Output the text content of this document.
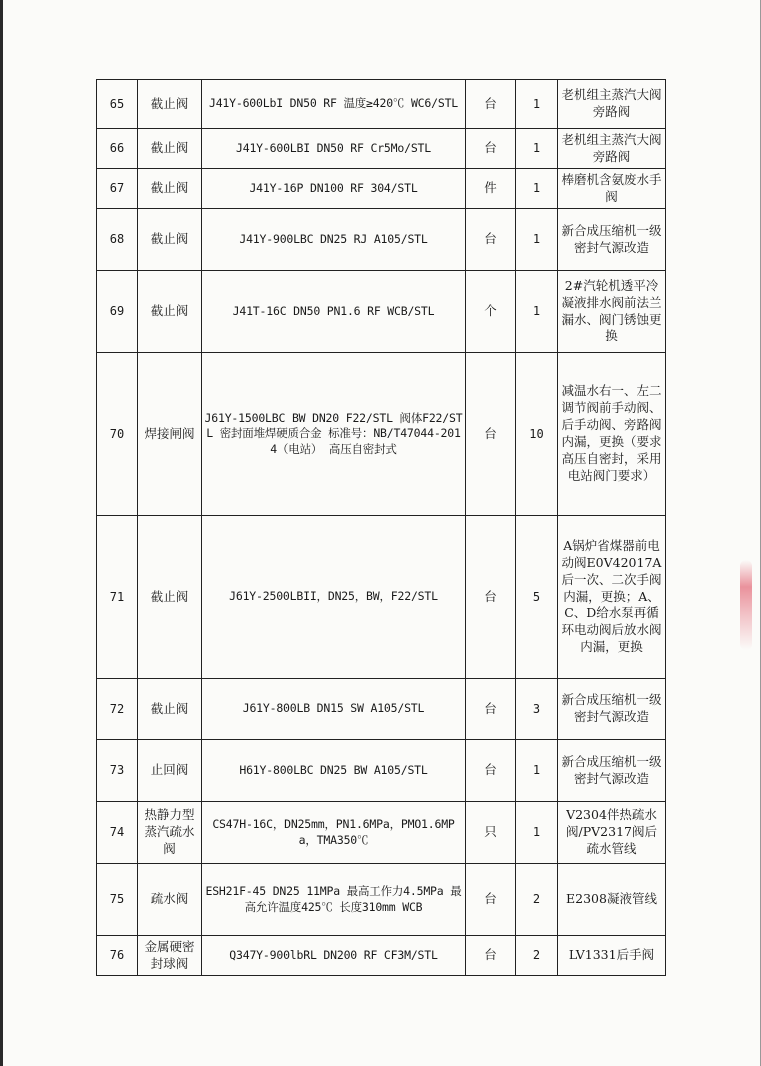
65	截止阀	J41Y-600LbI DN50 RF 温度≥420℃ WC6/STL	台	1	老机组主蒸汽大阀旁路阀
66	截止阀	J41Y-600LBI DN50 RF Cr5Mo/STL	台	1	老机组主蒸汽大阀旁路阀
67	截止阀	J41Y-16P DN100 RF 304/STL	件	1	棒磨机含氨废水手阀
68	截止阀	J41Y-900LBC DN25 RJ A105/STL	台	1	新合成压缩机一级密封气源改造
69	截止阀	J41T-16C DN50 PN1.6 RF WCB/STL	个	1	2#汽轮机透平冷凝液排水阀前法兰漏水、阀门锈蚀更换
70	焊接闸阀	J61Y-1500LBC BW DN20 F22/STL 阀体F22/STL 密封面堆焊硬质合金 标准号：NB/T47044-2014（电站） 高压自密封式	台	10	减温水右一、左二调节阀前手动阀、后手动阀、旁路阀内漏，更换（要求高压自密封，采用电站阀门要求）
71	截止阀	J61Y-2500LBII，DN25，BW，F22/STL	台	5	A锅炉省煤器前电动阀E0V42017A后一次、二次手阀内漏，更换；A、C、D给水泵再循环电动阀后放水阀内漏，更换
72	截止阀	J61Y-800LB DN15 SW A105/STL	台	3	新合成压缩机一级密封气源改造
73	止回阀	H61Y-800LBC DN25 BW A105/STL	台	1	新合成压缩机一级密封气源改造
74	热静力型蒸汽疏水阀	CS47H-16C，DN25mm，PN1.6MPa，PMO1.6MPa，TMA350℃	只	1	V2304伴热疏水阀/PV2317阀后疏水管线
75	疏水阀	ESH21F-45 DN25 11MPa 最高工作力4.5MPa 最高允许温度425℃ 长度310mm WCB	台	2	E2308凝液管线
76	金属硬密封球阀	Q347Y-900lbRL DN200 RF CF3M/STL	台	2	LV1331后手阀
